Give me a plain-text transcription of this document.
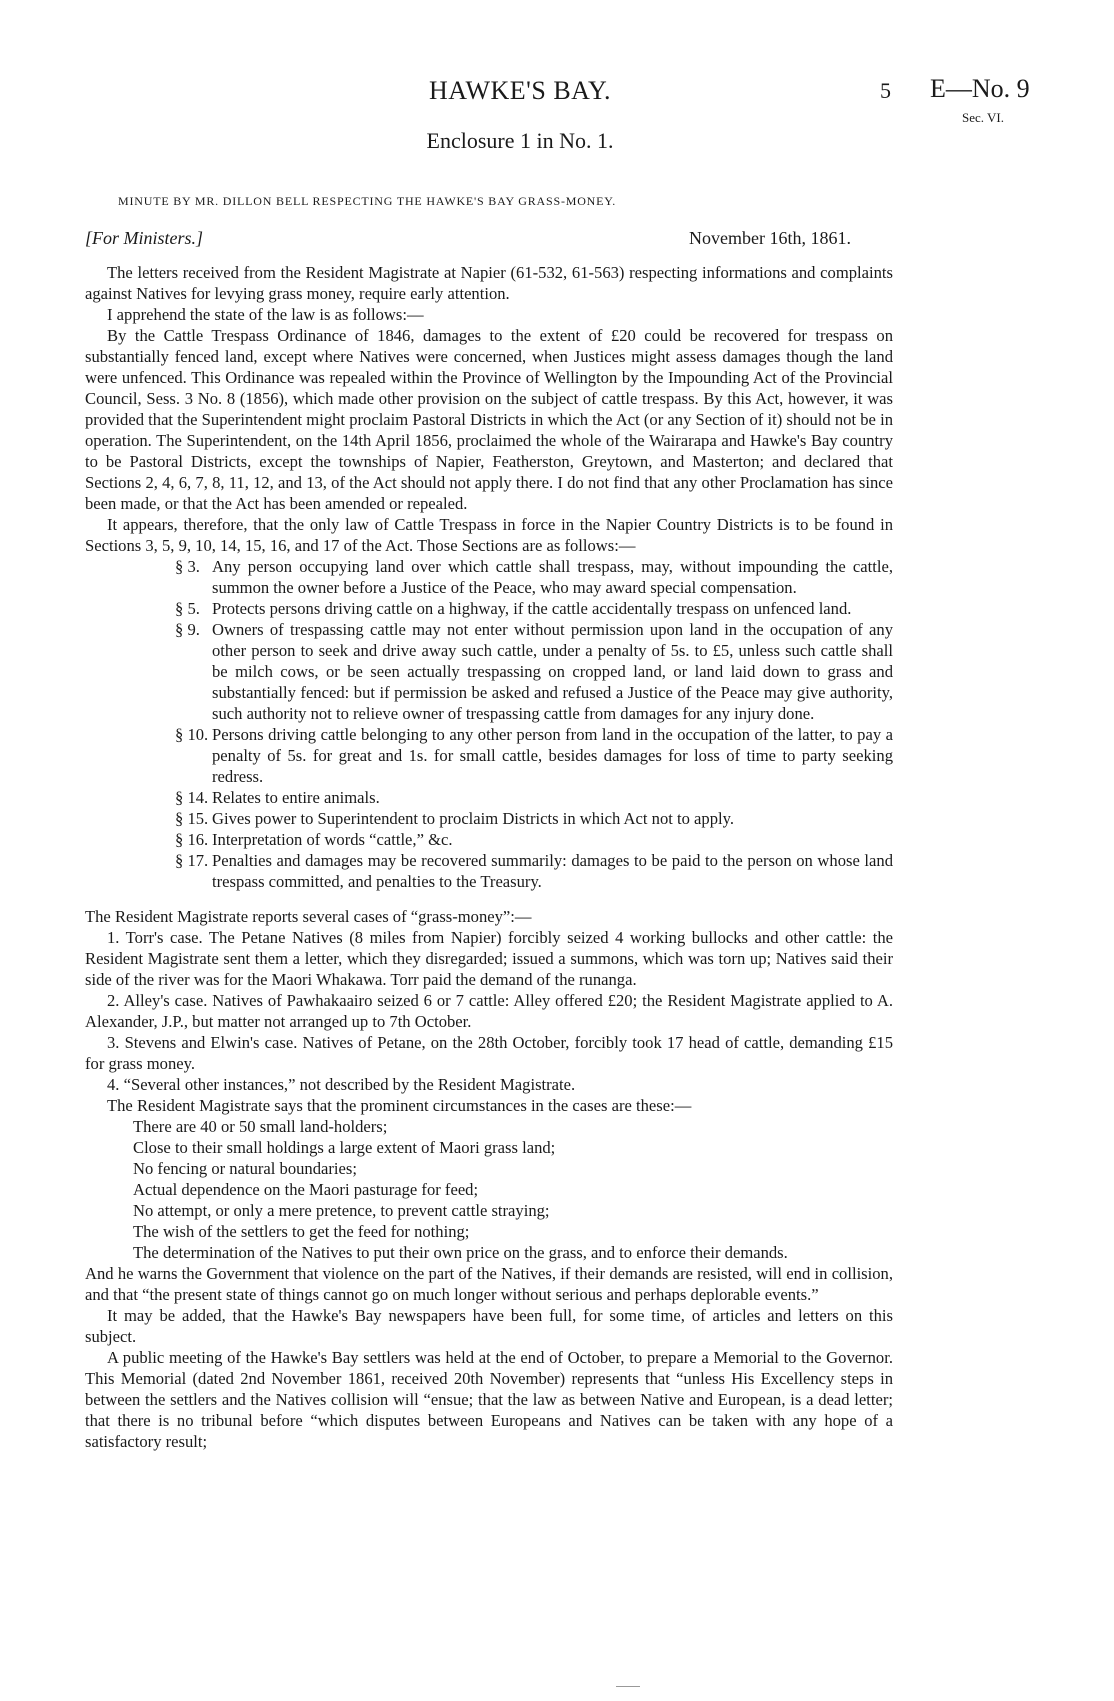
HAWKE'S BAY.
Enclosure 1 in No. 1.
5 E—No. 9
Sec. VI.
MINUTE BY MR. DILLON BELL RESPECTING THE HAWKE'S BAY GRASS-MONEY.
[For Ministers.]	November 16th, 1861.

The letters received from the Resident Magistrate at Napier (61-532, 61-563) respecting informations and complaints against Natives for levying grass money, require early attention.

I apprehend the state of the law is as follows:—

By the Cattle Trespass Ordinance of 1846, damages to the extent of £20 could be recovered for trespass on substantially fenced land, except where Natives were concerned, when Justices might assess damages though the land were unfenced. This Ordinance was repealed within the Province of Wellington by the Impounding Act of the Provincial Council, Sess. 3 No. 8 (1856), which made other provision on the subject of cattle trespass. By this Act, however, it was provided that the Superintendent might proclaim Pastoral Districts in which the Act (or any Section of it) should not be in operation. The Superintendent, on the 14th April 1856, proclaimed the whole of the Wairarapa and Hawke's Bay country to be Pastoral Districts, except the townships of Napier, Featherston, Greytown, and Masterton; and declared that Sections 2, 4, 6, 7, 8, 11, 12, and 13, of the Act should not apply there. I do not find that any other Proclamation has since been made, or that the Act has been amended or repealed.

It appears, therefore, that the only law of Cattle Trespass in force in the Napier Country Districts is to be found in Sections 3, 5, 9, 10, 14, 15, 16, and 17 of the Act. Those Sections are as follows:—

§ 3. Any person occupying land over which cattle shall trespass, may, without impounding the cattle, summon the owner before a Justice of the Peace, who may award special compensation.
§ 5. Protects persons driving cattle on a highway, if the cattle accidentally trespass on unfenced land.
§ 9. Owners of trespassing cattle may not enter without permission upon land in the occupation of any other person to seek and drive away such cattle, under a penalty of 5s. to £5, unless such cattle shall be milch cows, or be seen actually trespassing on cropped land, or land laid down to grass and substantially fenced: but if permission be asked and refused a Justice of the Peace may give authority, such authority not to relieve owner of trespassing cattle from damages for any injury done.
§ 10. Persons driving cattle belonging to any other person from land in the occupation of the latter, to pay a penalty of 5s. for great and 1s. for small cattle, besides damages for loss of time to party seeking redress.
§ 14. Relates to entire animals.
§ 15. Gives power to Superintendent to proclaim Districts in which Act not to apply.
§ 16. Interpretation of words “cattle,” &c.
§ 17. Penalties and damages may be recovered summarily: damages to be paid to the person on whose land trespass committed, and penalties to the Treasury.

The Resident Magistrate reports several cases of “grass-money”:—

1. Torr's case. The Petane Natives (8 miles from Napier) forcibly seized 4 working bullocks and other cattle: the Resident Magistrate sent them a letter, which they disregarded; issued a summons, which was torn up; Natives said their side of the river was for the Maori Whakawa. Torr paid the demand of the runanga.

2. Alley's case. Natives of Pawhakaairo seized 6 or 7 cattle: Alley offered £20; the Resident Magistrate applied to A. Alexander, J.P., but matter not arranged up to 7th October.

3. Stevens and Elwin's case. Natives of Petane, on the 28th October, forcibly took 17 head of cattle, demanding £15 for grass money.

4. “Several other instances,” not described by the Resident Magistrate.

The Resident Magistrate says that the prominent circumstances in the cases are these:—

There are 40 or 50 small land-holders;
Close to their small holdings a large extent of Maori grass land;
No fencing or natural boundaries;
Actual dependence on the Maori pasturage for feed;
No attempt, or only a mere pretence, to prevent cattle straying;
The wish of the settlers to get the feed for nothing;
The determination of the Natives to put their own price on the grass, and to enforce their demands.

And he warns the Government that violence on the part of the Natives, if their demands are resisted, will end in collision, and that “the present state of things cannot go on much longer without serious and perhaps deplorable events.”

It may be added, that the Hawke's Bay newspapers have been full, for some time, of articles and letters on this subject.

A public meeting of the Hawke's Bay settlers was held at the end of October, to prepare a Memorial to the Governor. This Memorial (dated 2nd November 1861, received 20th November) represents that “unless His Excellency steps in between the settlers and the Natives collision will “ensue; that the law as between Native and European, is a dead letter; that there is no tribunal before “which disputes between Europeans and Natives can be taken with any hope of a satisfactory result;
